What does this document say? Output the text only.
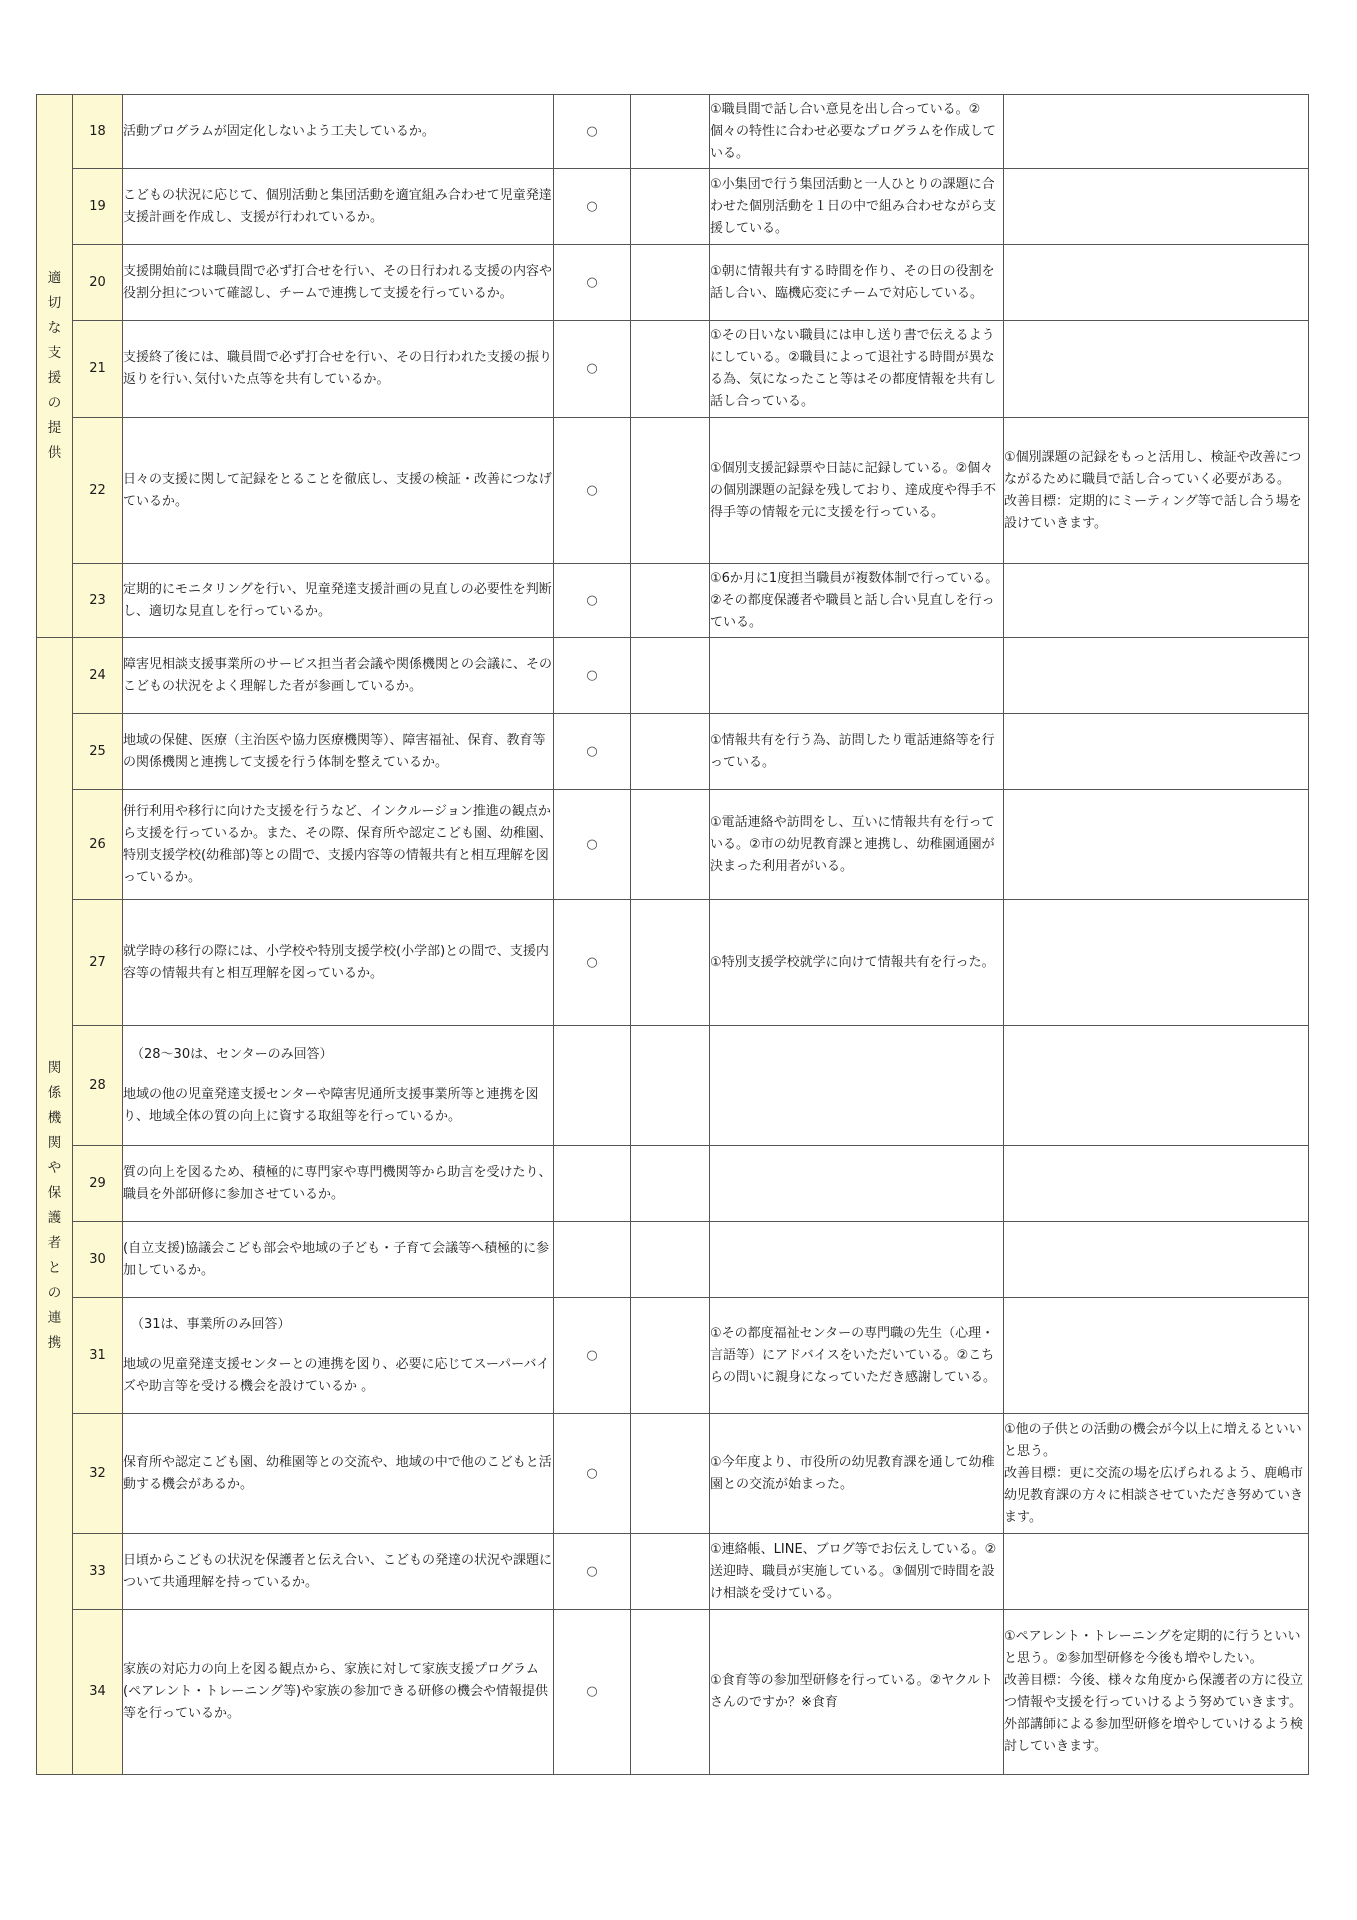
適切な支援の提供	18	活動プログラムが固定化しないよう工夫しているか。	○		①職員間で話し合い意見を出し合っている。②個々の特性に合わせ必要なプログラムを作成している。	

	19	こどもの状況に応じて、個別活動と集団活動を適宜組み合わせて児童発達支援計画を作成し、支援が行われているか。	○		①小集団で行う集団活動と一人ひとりの課題に合わせた個別活動を１日の中で組み合わせながら支援している。	

	20	支援開始前には職員間で必ず打合せを行い、その日行われる支援の内容や役割分担について確認し、チームで連携して支援を行っているか。	○		①朝に情報共有する時間を作り、その日の役割を話し合い、臨機応変にチームで対応している。	

	21	支援終了後には、職員間で必ず打合せを行い、その日行われた支援の振り返りを行い､気付いた点等を共有しているか。	○		①その日いない職員には申し送り書で伝えるようにしている。②職員によって退社する時間が異なる為、気になったこと等はその都度情報を共有し話し合っている。	

	22	日々の支援に関して記録をとることを徹底し、支援の検証・改善につなげているか。	○		①個別支援記録票や日誌に記録している。②個々の個別課題の記録を残しており、達成度や得手不得手等の情報を元に支援を行っている。	①個別課題の記録をもっと活用し、検証や改善につながるために職員で話し合っていく必要がある。
改善目標：定期的にミーティング等で話し合う場を設けていきます。

	23	定期的にモニタリングを行い、児童発達支援計画の見直しの必要性を判断し、適切な見直しを行っているか。	○		①6か月に1度担当職員が複数体制で行っている。②その都度保護者や職員と話し合い見直しを行っている。	

関係機関や保護者との連携	24	障害児相談支援事業所のサービス担当者会議や関係機関との会議に、そのこどもの状況をよく理解した者が参画しているか。	○			

	25	地域の保健、医療（主治医や協力医療機関等）、障害福祉、保育、教育等の関係機関と連携して支援を行う体制を整えているか。	○		①情報共有を行う為、訪問したり電話連絡等を行っている。	

	26	併行利用や移行に向けた支援を行うなど、インクルージョン推進の観点から支援を行っているか。また、その際、保育所や認定こども園、幼稚園、特別支援学校(幼稚部)等との間で、支援内容等の情報共有と相互理解を図っているか。	○		①電話連絡や訪問をし、互いに情報共有を行っている。②市の幼児教育課と連携し、幼稚園通園が決まった利用者がいる。	

	27	就学時の移行の際には、小学校や特別支援学校(小学部)との間で、支援内容等の情報共有と相互理解を図っているか。	○		①特別支援学校就学に向けて情報共有を行った。	

	28	（28～30は、センターのみ回答）
地域の他の児童発達支援センターや障害児通所支援事業所等と連携を図り、地域全体の質の向上に資する取組等を行っているか。				

	29	質の向上を図るため、積極的に専門家や専門機関等から助言を受けたり、職員を外部研修に参加させているか。				

	30	(自立支援)協議会こども部会や地域の子ども・子育て会議等へ積極的に参加しているか。				

	31	（31は、事業所のみ回答）
地域の児童発達支援センターとの連携を図り、必要に応じてスーパーバイズや助言等を受ける機会を設けているか 。	○		①その都度福祉センターの専門職の先生（心理・言語等）にアドバイスをいただいている。②こちらの問いに親身になっていただき感謝している。	

	32	保育所や認定こども園、幼稚園等との交流や、地域の中で他のこどもと活動する機会があるか。	○		①今年度より、市役所の幼児教育課を通して幼稚園との交流が始まった。	①他の子供との活動の機会が今以上に増えるといいと思う。
改善目標：更に交流の場を広げられるよう、鹿嶋市幼児教育課の方々に相談させていただき努めていきます。

	33	日頃からこどもの状況を保護者と伝え合い、こどもの発達の状況や課題について共通理解を持っているか。	○		①連絡帳、LINE、ブログ等でお伝えしている。②送迎時、職員が実施している。③個別で時間を設け相談を受けている。	

	34	家族の対応力の向上を図る観点から、家族に対して家族支援プログラム(ペアレント・トレーニング等)や家族の参加できる研修の機会や情報提供等を行っているか。	○		①食育等の参加型研修を行っている。②ヤクルトさんのですか？※食育	①ペアレント・トレーニングを定期的に行うといいと思う。②参加型研修を今後も増やしたい。
改善目標：今後、様々な角度から保護者の方に役立つ情報や支援を行っていけるよう努めていきます。外部講師による参加型研修を増やしていけるよう検討していきます。
